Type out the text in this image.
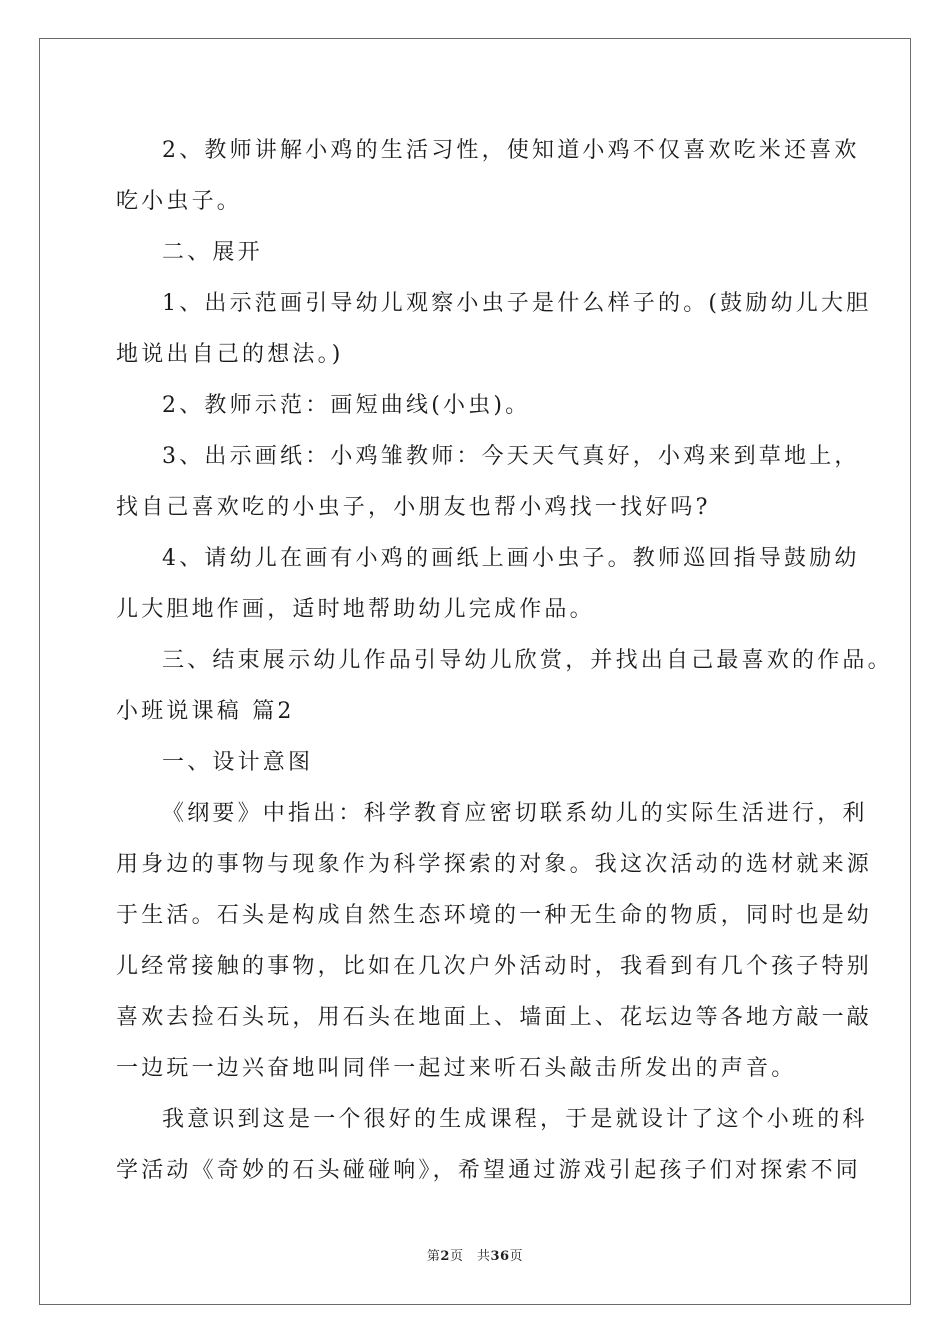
2、教师讲解小鸡的生活习性，使知道小鸡不仅喜欢吃米还喜欢
吃小虫子。
二、展开
1、出示范画引导幼儿观察小虫子是什么样子的。(鼓励幼儿大胆
地说出自己的想法。)
2、教师示范：画短曲线(小虫)。
3、出示画纸：小鸡雏教师：今天天气真好，小鸡来到草地上，
找自己喜欢吃的小虫子，小朋友也帮小鸡找一找好吗?
4、请幼儿在画有小鸡的画纸上画小虫子。教师巡回指导鼓励幼
儿大胆地作画，适时地帮助幼儿完成作品。
三、结束展示幼儿作品引导幼儿欣赏，并找出自己最喜欢的作品。
小班说课稿 篇2
一、设计意图
《纲要》中指出：科学教育应密切联系幼儿的实际生活进行，利
用身边的事物与现象作为科学探索的对象。我这次活动的选材就来源
于生活。石头是构成自然生态环境的一种无生命的物质，同时也是幼
儿经常接触的事物，比如在几次户外活动时，我看到有几个孩子特别
喜欢去捡石头玩，用石头在地面上、墙面上、花坛边等各地方敲一敲
一边玩一边兴奋地叫同伴一起过来听石头敲击所发出的声音。
我意识到这是一个很好的生成课程，于是就设计了这个小班的科
学活动《奇妙的石头碰碰响》，希望通过游戏引起孩子们对探索不同
第2页　共36页
